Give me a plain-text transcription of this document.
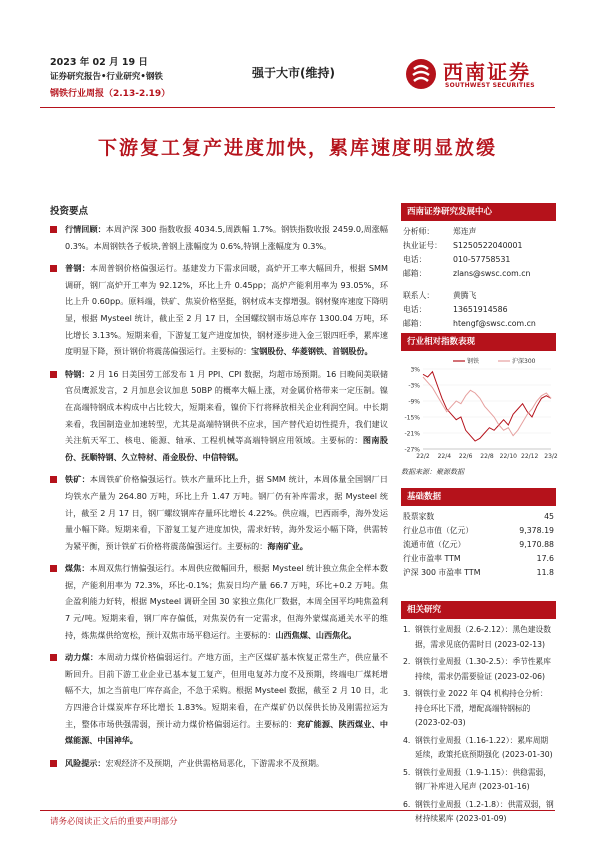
2023 年 02 月 19 日
证券研究报告•行业研究•钢铁
钢铁行业周报（2.13-2.19）
强于大市(维持)	西南证券
SOUTHWEST SECURITIES
下游复工复产进度加快，累库速度明显放缓
投资要点
行情回顾：本周沪深 300 指数收报 4034.5,周跌幅 1.7%。钢铁指数收报 2459.0,周涨幅 0.3%。本周钢铁各子板块,普钢上涨幅度为 0.6%,特钢上涨幅度为 0.3%。
普钢：本周普钢价格偏强运行。基建发力下需求回暖，高炉开工率大幅回升，根据 SMM 调研，钢厂高炉开工率为 92.12%，环比上升 0.45pp；高炉产能利用率为 93.05%，环比上升 0.60pp。原料端，铁矿、焦炭价格坚挺，钢材成本支撑增强。钢材聚库速度下降明显，根据 Mysteel 统计，截止至 2 月 17 日，全国螺纹钢市场总库存 1300.04 万吨，环比增长 3.13%。短期来看，下游复工复产进度加快，钢材逐步进入金三银四旺季，累库速度明显下降，预计钢价将震荡偏强运行。主要标的：宝钢股份、华菱钢铁、首钢股份。
特钢：2 月 16 日美国劳工部发布 1 月 PPI、CPI 数据，均超市场预期。16 日晚间美联储官员鹰派发言，2 月加息会议加息 50BP 的概率大幅上涨，对金属价格带来一定压制。镍在高端特钢成本构成中占比较大，短期来看，镍价下行将释放相关企业利润空间。中长期来看，我国制造业加速转型，尤其是高端特钢供不应求，国产替代迫切性提升，我们建议关注航天军工、核电、能源、轴承、工程机械等高端特钢应用领域。主要标的：图南股份、抚顺特钢、久立特材、甬金股份、中信特钢。
铁矿：本周铁矿价格偏强运行。铁水产量环比上升，据 SMM 统计，本周体量全国钢厂日均铁水产量为 264.80 万吨，环比上升 1.47 万吨。钢厂仍有补库需求，据 Mysteel 统计，截至 2 月 17 日，钢厂螺纹钢库存量环比增长 4.22%。供应端，巴西雨季，海外发运量小幅下降。短期来看，下游复工复产进度加快，需求好转，海外发运小幅下降，供需转为紧平衡，预计铁矿石价格将震荡偏强运行。主要标的：海南矿业。
煤焦：本周双焦行情偏强运行。本周供应微幅回升，根据 Mysteel 统计独立焦企全样本数据，产能利用率为 72.3%，环比-0.1%；焦炭日均产量 66.7 万吨，环比+0.2 万吨。焦企盈利能力好转，根据 Mysteel 调研全国 30 家独立焦化厂数据，本周全国平均吨焦盈利 7 元/吨。短期来看，钢厂库存偏低，对焦炭仍有一定需求，但海外蒙煤高通关水平的维持，炼焦煤供给宽松，预计双焦市场平稳运行。主要标的：山西焦煤、山西焦化。
动力煤：本周动力煤价格偏弱运行。产地方面，主产区煤矿基本恢复正常生产，供应量不断回升。目前下游工业企业已基本复工复产，但用电复苏力度不及预期，终端电厂煤耗增幅不大，加之当前电厂库存高企，不急于采购。根据 Mysteel 数据，截至 2 月 10 日，北方四港合计煤炭库存环比增长 1.83%。短期来看，在产煤矿仍以保供长协及刚需拉运为主，整体市场供强需弱，预计动力煤价格偏弱运行。主要标的：兖矿能源、陕西煤业、中煤能源、中国神华。
风险提示：宏观经济不及预期，产业供需格局恶化，下游需求不及预期。
西南证券研究发展中心
分析师： 郑连声
执业证号： S1250522040001
电话：	010-57758531
邮箱：	zlans@swsc.com.cn
联系人： 黄腾飞
电话：	13651914586
邮箱：	htengf@swsc.com.cn
行业相对指数表现
3%
-3%
-9%
-15%
-21%
-27%
22/2 22/4 22/6 22/8 22/10 22/12 23/2
钢铁	沪深300
数据来源：聚源数据
基础数据
股票家数	45
行业总市值（亿元）	9,378.19
流通市值（亿元）	9,170.88
行业市盈率 TTM	17.6
沪深 300 市盈率 TTM	11.8
相关研究
1. 钢铁行业周报（2.6-2.12）：黑色建设数据，需求见底仍需时日 (2023-02-13)
2. 钢铁行业周报（1.30-2.5）：季节性累库持续，需求仍需要验证 (2023-02-06)
3. 钢铁行业 2022 年 Q4 机构持仓分析：持仓环比下滑，增配高端特钢标的 (2023-02-03)
4. 钢铁行业周报（1.16-1.22）：累库周期延续，政策托底预期强化 (2023-01-30)
5. 钢铁行业周报（1.9-1.15）：供稳需弱，钢厂补库进入尾声 (2023-01-16)
6. 钢铁行业周报（1.2-1.8）：供需双弱，钢材持续累库 (2023-01-09)
请务必阅读正文后的重要声明部分
